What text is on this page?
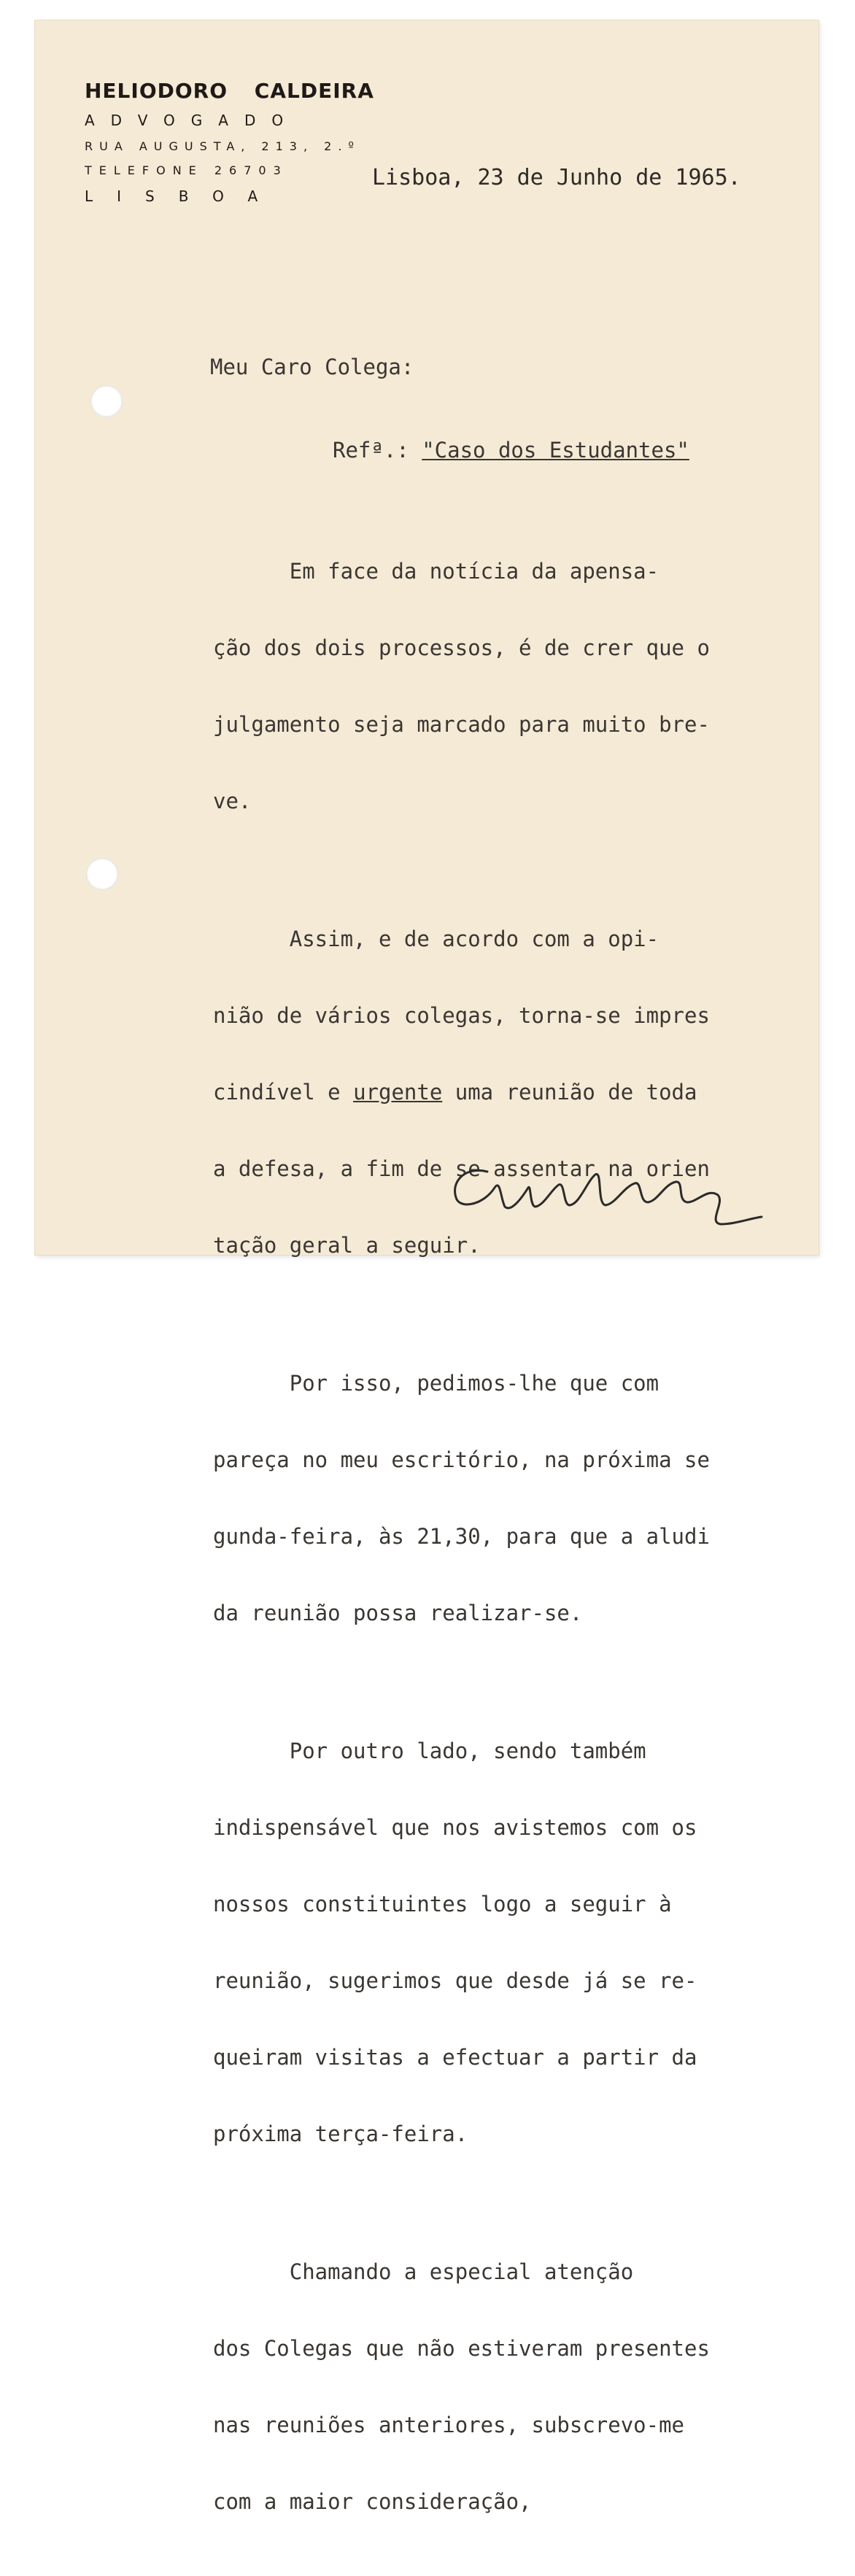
HELIODORO CALDEIRA
ADVOGADO
RUA AUGUSTA, 213, 2.º
TELEFONE 26703
LISBOA
Lisboa, 23 de Junho de 1965.
Meu Caro Colega:
Refª.: "Caso dos Estudantes"

Em face da notícia da apensa-

ção dos dois processos, é de crer que o

julgamento seja marcado para muito bre-

ve.

Assim, e de acordo com a opi-

nião de vários colegas, torna-se impres

cindível e urgente uma reunião de toda

a defesa, a fim de se assentar na orien

tação geral a seguir.

Por isso, pedimos-lhe que com

pareça no meu escritório, na próxima se

gunda-feira, às 21,30, para que a aludi

da reunião possa realizar-se.

Por outro lado, sendo também

indispensável que nos avistemos com os

nossos constituintes logo a seguir à

reunião, sugerimos que desde já se re-

queiram visitas a efectuar a partir da

próxima terça-feira.

Chamando a especial atenção

dos Colegas que não estiveram presentes

nas reuniões anteriores, subscrevo-me

com a maior consideração,
